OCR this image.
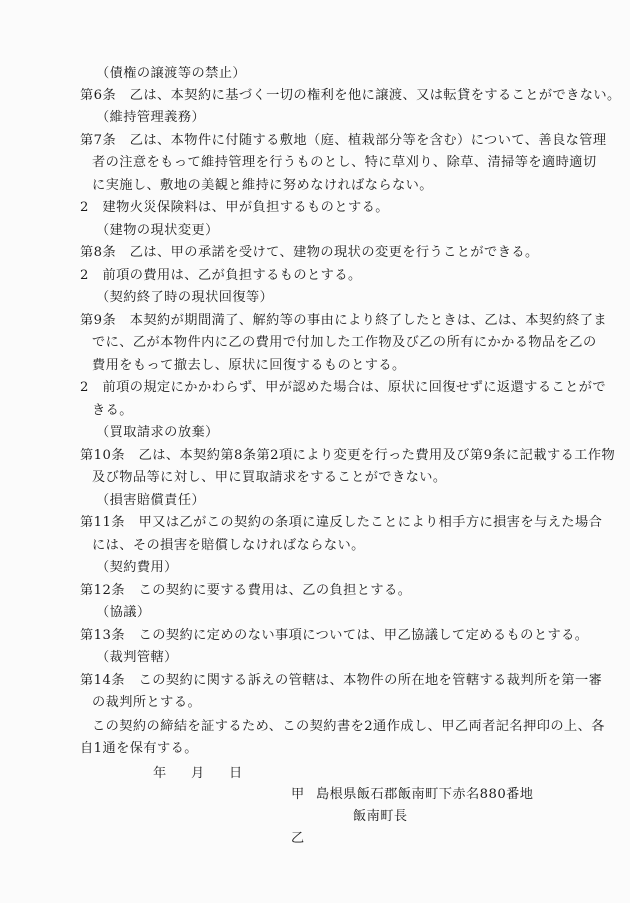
（債権の譲渡等の禁止）
第6条　乙は、本契約に基づく一切の権利を他に譲渡、又は転貸をすることができない。
（維持管理義務）
第7条　乙は、本物件に付随する敷地（庭、植栽部分等を含む）について、善良な管理
者の注意をもって維持管理を行うものとし、特に草刈り、除草、清掃等を適時適切
に実施し、敷地の美観と維持に努めなければならない。
2　建物火災保険料は、甲が負担するものとする。
（建物の現状変更）
第8条　乙は、甲の承諾を受けて、建物の現状の変更を行うことができる。
2　前項の費用は、乙が負担するものとする。
（契約終了時の現状回復等）
第9条　本契約が期間満了、解約等の事由により終了したときは、乙は、本契約終了ま
でに、乙が本物件内に乙の費用で付加した工作物及び乙の所有にかかる物品を乙の
費用をもって撤去し、原状に回復するものとする。
2　前項の規定にかかわらず、甲が認めた場合は、原状に回復せずに返還することがで
きる。
（買取請求の放棄）
第10条　乙は、本契約第8条第2項により変更を行った費用及び第9条に記載する工作物
及び物品等に対し、甲に買取請求をすることができない。
（損害賠償責任）
第11条　甲又は乙がこの契約の条項に違反したことにより相手方に損害を与えた場合
には、その損害を賠償しなければならない。
（契約費用）
第12条　この契約に要する費用は、乙の負担とする。
（協議）
第13条　この契約に定めのない事項については、甲乙協議して定めるものとする。
（裁判管轄）
第14条　この契約に関する訴えの管轄は、本物件の所在地を管轄する裁判所を第一審
の裁判所とする。
この契約の締結を証するため、この契約書を2通作成し、甲乙両者記名押印の上、各
自1通を保有する。
年 月 日
甲 島根県飯石郡飯南町下赤名880番地
飯南町長
乙
